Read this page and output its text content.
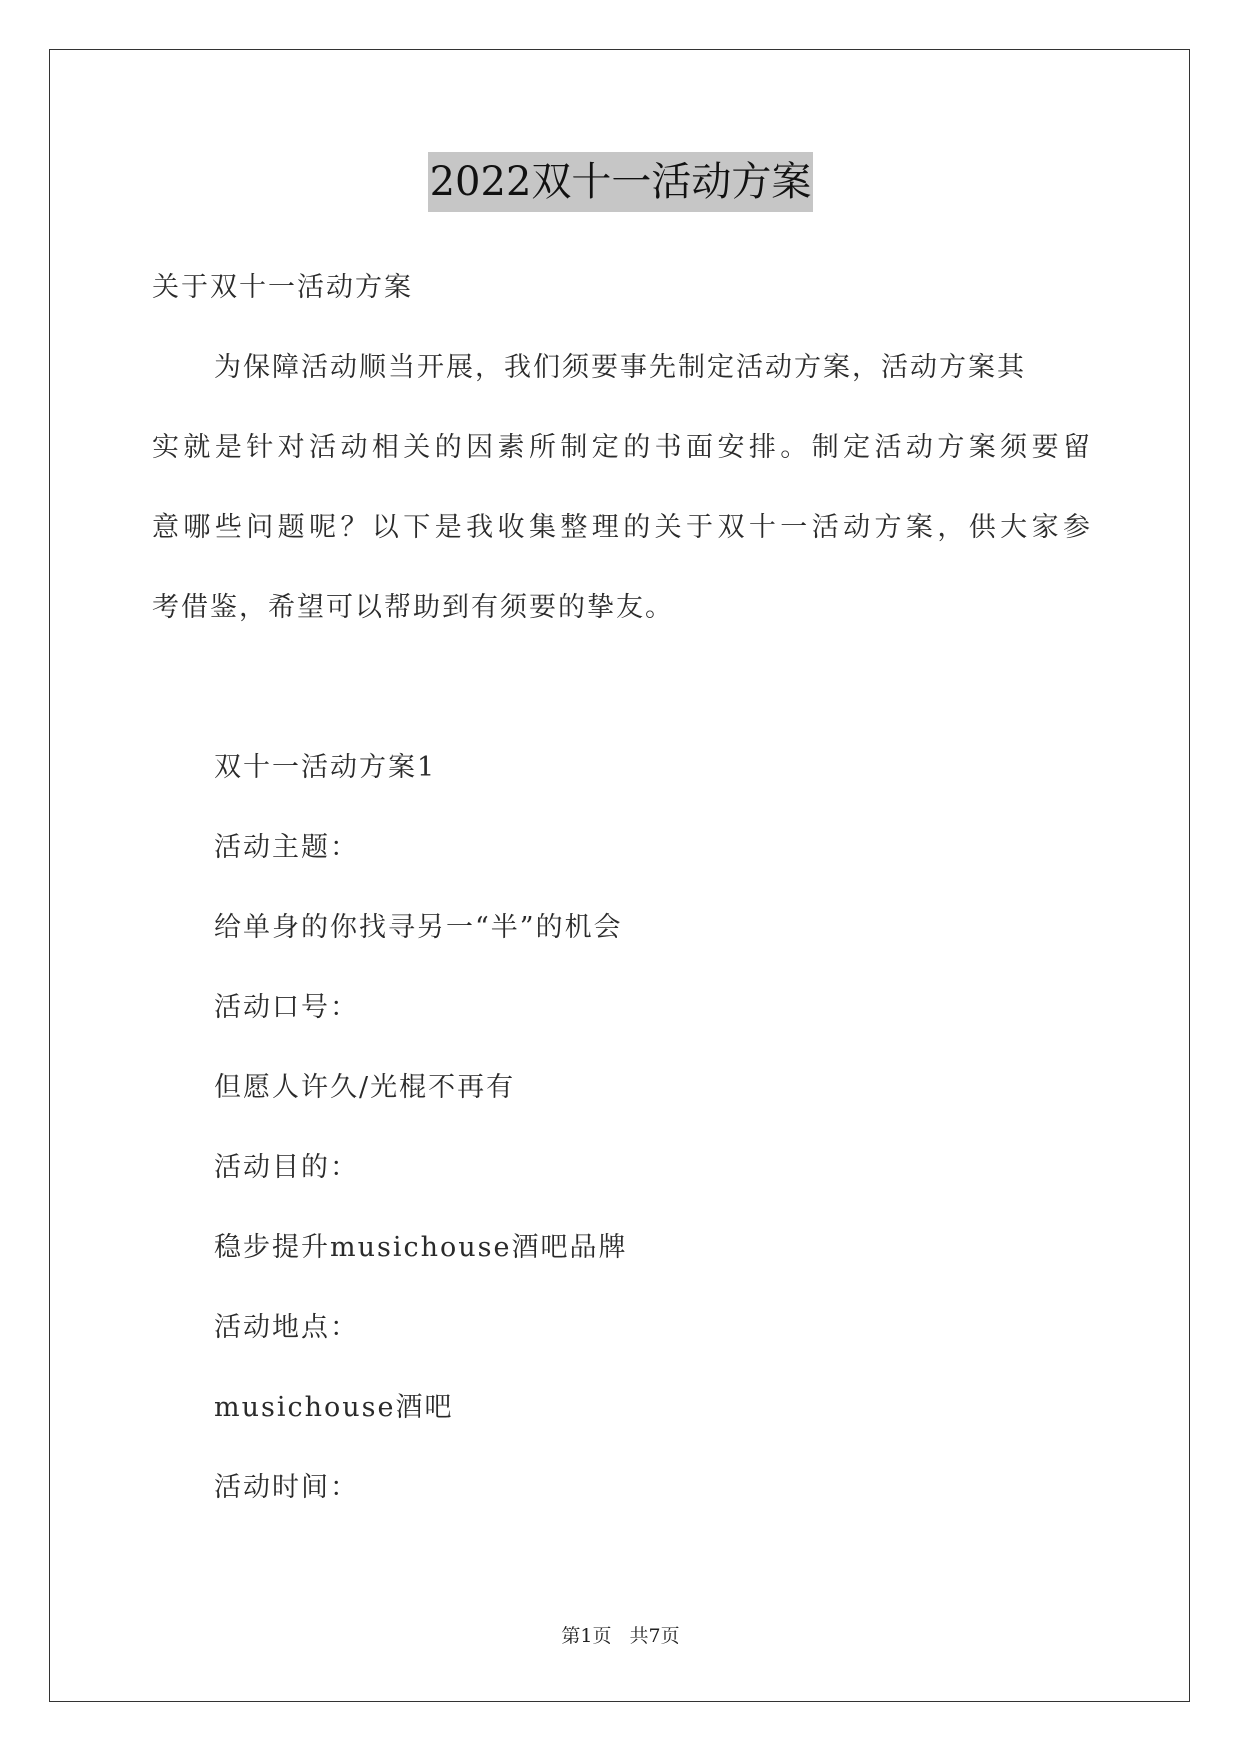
2022双十一活动方案
关于双十一活动方案
为保障活动顺当开展，我们须要事先制定活动方案，活动方案其
实就是针对活动相关的因素所制定的书面安排。制定活动方案须要留
意哪些问题呢？以下是我收集整理的关于双十一活动方案，供大家参
考借鉴，希望可以帮助到有须要的挚友。
双十一活动方案1
活动主题：
给单身的你找寻另一“半”的机会
活动口号：
但愿人许久/光棍不再有
活动目的：
稳步提升musichouse酒吧品牌
活动地点：
musichouse酒吧
活动时间：
第1页 共7页
